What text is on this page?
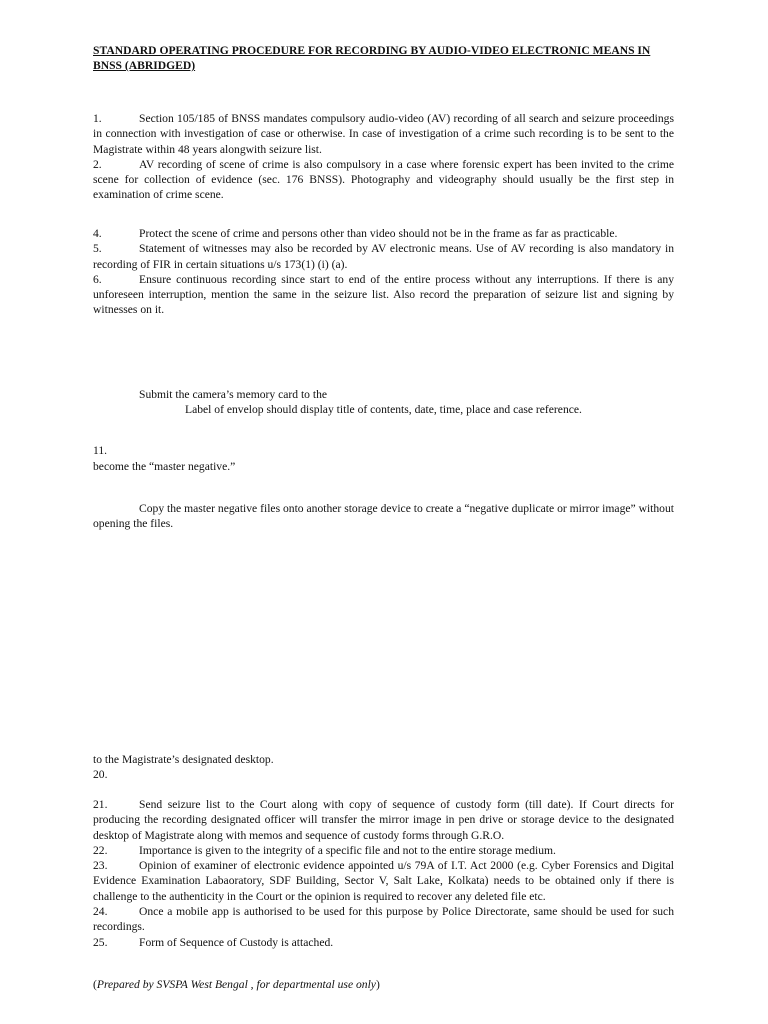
STANDARD OPERATING PROCEDURE FOR RECORDING BY AUDIO-VIDEO ELECTRONIC MEANS IN BNSS (ABRIDGED)

1.	Section 105/185 of BNSS mandates compulsory audio-video (AV) recording of all search and seizure proceedings in connection with investigation of case or otherwise. In case of investigation of a crime such recording is to be sent to the Magistrate within 48 years alongwith seizure list.

2.	AV recording of scene of crime is also compulsory in a case where forensic expert has been invited to the crime scene for collection of evidence (sec. 176 BNSS). Photography and videography should usually be the first step in examination of crime scene.

4.	Protect the scene of crime and persons other than video should not be in the frame as far as practicable.

5.	Statement of witnesses may also be recorded by AV electronic means. Use of AV recording is also mandatory in recording of FIR in certain situations u/s 173(1) (i) (a).

6.	Ensure continuous recording since start to end of the entire process without any interruptions. If there is any unforeseen interruption, mention the same in the seizure list. Also record the preparation of seizure list and signing by witnesses on it.

Submit the camera’s memory card to the
Label of envelop should display title of contents, date, time, place and case reference.
11.
become the “master negative.”
Copy the master negative files onto another storage device to create a “negative duplicate or mirror image” without opening the files.
to the Magistrate’s designated desktop.
20.

21.	Send seizure list to the Court along with copy of sequence of custody form (till date). If Court directs for producing the recording designated officer will transfer the mirror image in pen drive or storage device to the designated desktop of Magistrate along with memos and sequence of custody forms through G.R.O.

22.	Importance is given to the integrity of a specific file and not to the entire storage medium.

23.	Opinion of examiner of electronic evidence appointed u/s 79A of I.T. Act 2000 (e.g. Cyber Forensics and Digital Evidence Examination Labaoratory, SDF Building, Sector V, Salt Lake, Kolkata) needs to be obtained only if there is challenge to the authenticity in the Court or the opinion is required to recover any deleted file etc.

24.	Once a mobile app is authorised to be used for this purpose by Police Directorate, same should be used for such recordings.

25.	Form of Sequence of Custody is attached.

(Prepared by SVSPA West Bengal , for departmental use only)
